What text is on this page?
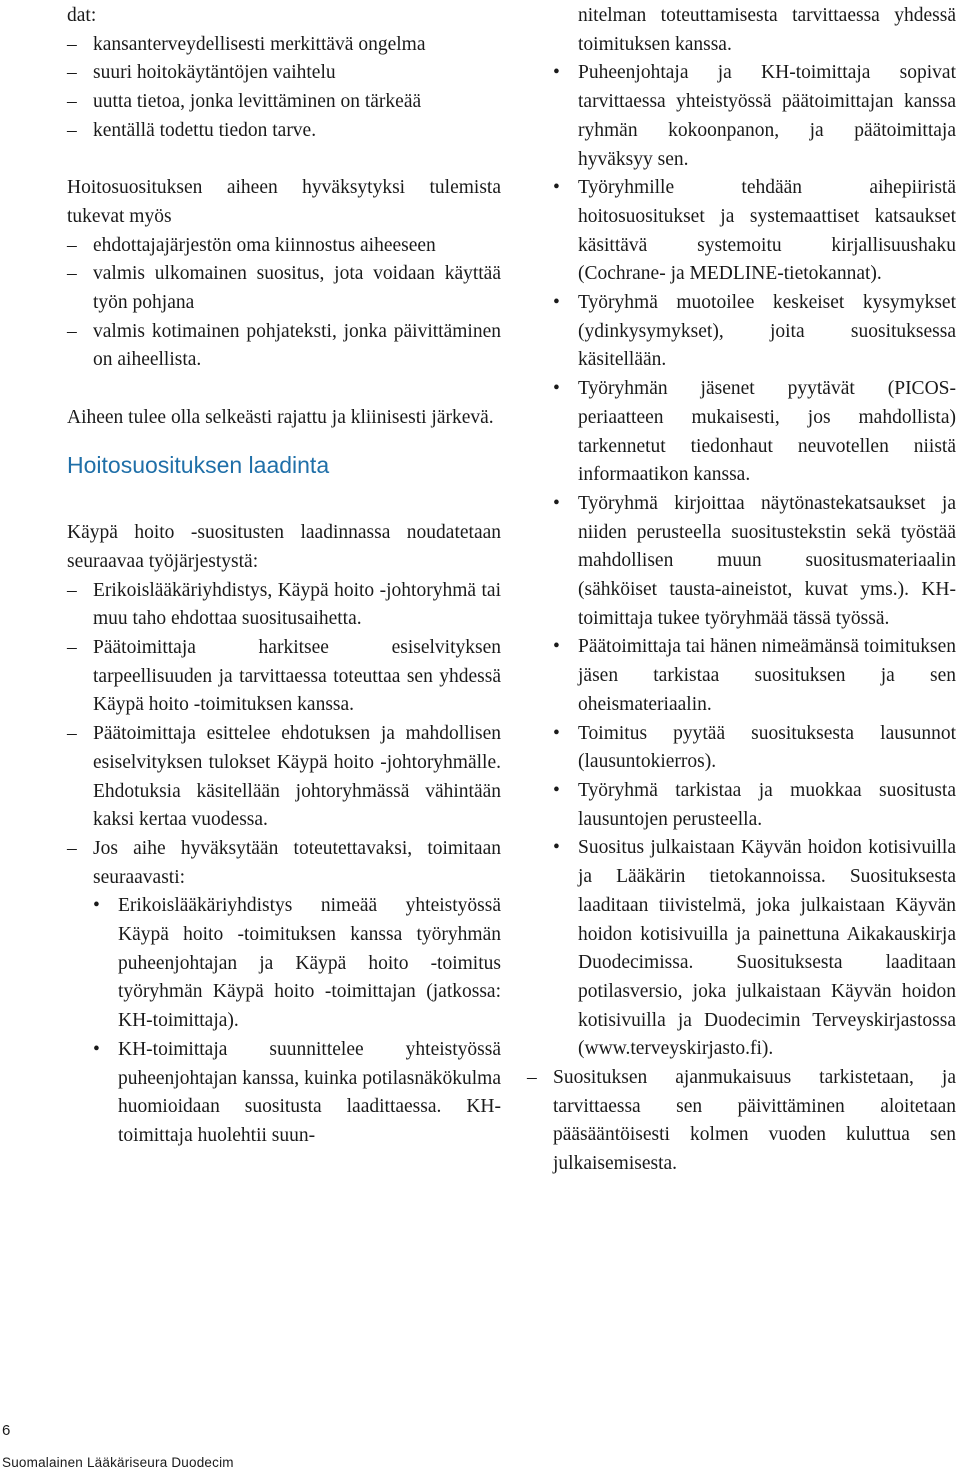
dat:

– kansanterveydellisesti merkittävä ongelma
– suuri hoitokäytäntöjen vaihtelu
– uutta tietoa, jonka levittäminen on tärkeää
– kentällä todettu tiedon tarve.

Hoitosuosituksen aiheen hyväksytyksi tulemista tukevat myös

– ehdottajajärjestön oma kiinnostus aiheeseen
– valmis ulkomainen suositus, jota voidaan käyttää työn pohjana
– valmis kotimainen pohjateksti, jonka päivittäminen on aiheellista.

Aiheen tulee olla selkeästi rajattu ja kliinisesti järkevä.

Hoitosuosituksen laadinta

Käypä hoito -suositusten laadinnassa noudatetaan seuraavaa työjärjestystä:

– Erikoislääkäriyhdistys, Käypä hoito -johtoryhmä tai muu taho ehdottaa suositusaihetta.
– Päätoimittaja harkitsee esiselvityksen tarpeellisuuden ja tarvittaessa toteuttaa sen yhdessä Käypä hoito -toimituksen kanssa.
– Päätoimittaja esittelee ehdotuksen ja mahdollisen esiselvityksen tulokset Käypä hoito -johtoryhmälle. Ehdotuksia käsitellään johtoryhmässä vähintään kaksi kertaa vuodessa.
– Jos aihe hyväksytään toteutettavaksi, toimitaan seuraavasti:
• Erikoislääkäriyhdistys nimeää yhteistyössä Käypä hoito -toimituksen kanssa työryhmän puheenjohtajan ja Käypä hoito -toimitus työryhmän Käypä hoito -toimittajan (jatkossa: KH-toimittaja).
• KH-toimittaja suunnittelee yhteistyössä puheenjohtajan kanssa, kuinka potilasnäkökulma huomioidaan suositusta laadittaessa. KH-toimittaja huolehtii suun-

nitelman toteuttamisesta tarvittaessa yhdessä toimituksen kanssa.

• Puheenjohtaja ja KH-toimittaja sopivat tarvittaessa yhteistyössä päätoimittajan kanssa ryhmän kokoonpanon, ja päätoimittaja hyväksyy sen.
• Työryhmille tehdään aihepiiristä hoitosuositukset ja systemaattiset katsaukset käsittävä systemoitu kirjallisuushaku (Cochrane- ja MEDLINE-tietokannat).
• Työryhmä muotoilee keskeiset kysymykset (ydinkysymykset), joita suosituksessa käsitellään.
• Työryhmän jäsenet pyytävät (PICOS-periaatteen mukaisesti, jos mahdollista) tarkennetut tiedonhaut neuvotellen niistä informaatikon kanssa.
• Työryhmä kirjoittaa näytönastekatsaukset ja niiden perusteella suositustekstin sekä työstää mahdollisen muun suositusmateriaalin (sähköiset tausta-aineistot, kuvat yms.). KH-toimittaja tukee työryhmää tässä työssä.
• Päätoimittaja tai hänen nimeämänsä toimituksen jäsen tarkistaa suosituksen ja sen oheismateriaalin.
• Toimitus pyytää suosituksesta lausunnot (lausuntokierros).
• Työryhmä tarkistaa ja muokkaa suositusta lausuntojen perusteella.
• Suositus julkaistaan Käyvän hoidon kotisivuilla ja Lääkärin tietokannoissa. Suosituksesta laaditaan tiivistelmä, joka julkaistaan Käyvän hoidon kotisivuilla ja painettuna Aikakauskirja Duodecimissa. Suosituksesta laaditaan potilasversio, joka julkaistaan Käyvän hoidon kotisivuilla ja Duodecimin Terveyskirjastossa (www.terveyskirjasto.fi).
– Suosituksen ajanmukaisuus tarkistetaan, ja tarvittaessa sen päivittäminen aloitetaan pääsääntöisesti kolmen vuoden kuluttua sen julkaisemisesta.
6
Suomalainen Lääkäriseura Duodecim
